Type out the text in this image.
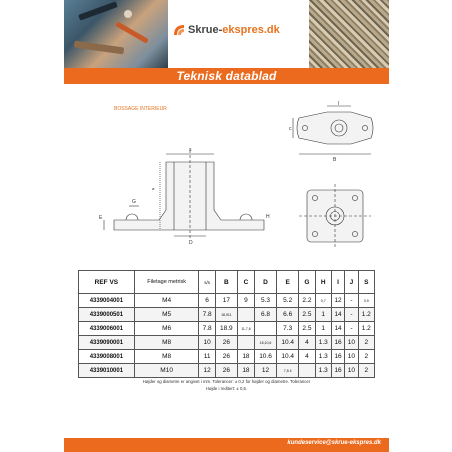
Skrue-ekspres.dk
Teknisk datablad
BOSSAGE INTERIEUR
s
D
G
E	H
ø
l
B
c
REF VS	Filetage metrisk	s/s	B	C	D	E	G	H	I	J	S
4339004001	M4	6	17	9	5.3	5.2	2.2	0,7	12	-	0,9
4339000501	M5	7.8	18,911		6.8	6.6	2.5	1	14	-	1.2
4339006001	M6	7.8	18.9	11,7,6		7.3	2.5	1	14	-	1.2
4339090001	M8	10	26		18,10,6	10.4	4	1.3	16	10	2
4339008001	M8	11	26	18	10.6	10.4	4	1.3	16	10	2
4339010001	M10	12	26	18	12	7,5 4		1.3	16	10	2
Højder og diametre er angivet i mm. Tolerancer: ± 0,2 for højder og diametre. Tolerancer
Højde i reditert: ± 0,5.
kundeservice@skrue-ekspres.dk
